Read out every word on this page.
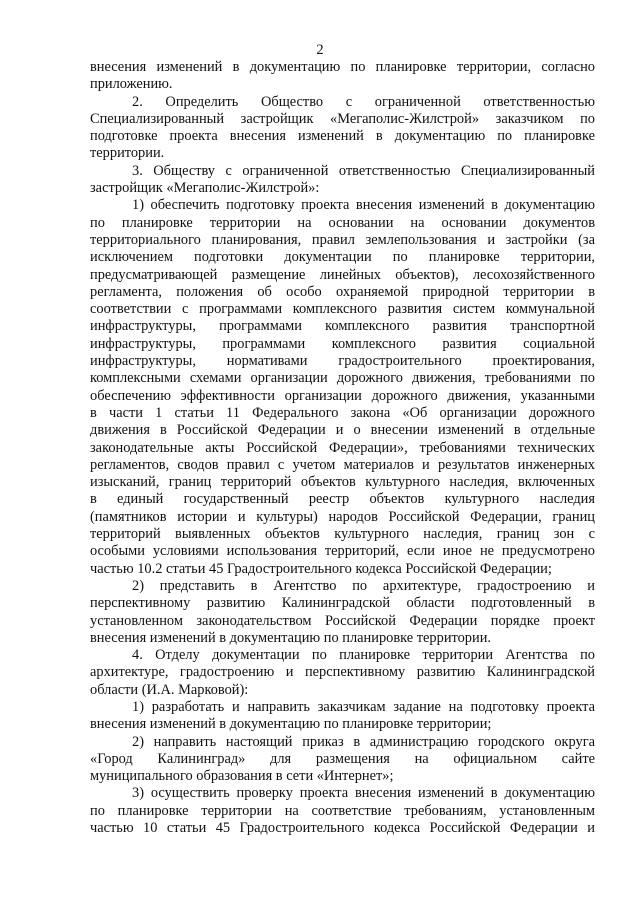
2
внесения изменений в документацию по планировке территории, согласно
приложению.
2. Определить Общество с ограниченной ответственностью
Специализированный застройщик «Мегаполис-Жилстрой» заказчиком по
подготовке проекта внесения изменений в документацию по планировке
территории.
3. Обществу с ограниченной ответственностью Специализированный
застройщик «Мегаполис-Жилстрой»:
1) обеспечить подготовку проекта внесения изменений в документацию
по планировке территории на основании на основании документов
территориального планирования, правил землепользования и застройки (за
исключением подготовки документации по планировке территории,
предусматривающей размещение линейных объектов), лесохозяйственного
регламента, положения об особо охраняемой природной территории в
соответствии с программами комплексного развития систем коммунальной
инфраструктуры, программами комплексного развития транспортной
инфраструктуры, программами комплексного развития социальной
инфраструктуры, нормативами градостроительного проектирования,
комплексными схемами организации дорожного движения, требованиями по
обеспечению эффективности организации дорожного движения, указанными
в части 1 статьи 11 Федерального закона «Об организации дорожного
движения в Российской Федерации и о внесении изменений в отдельные
законодательные акты Российской Федерации», требованиями технических
регламентов, сводов правил с учетом материалов и результатов инженерных
изысканий, границ территорий объектов культурного наследия, включенных
в единый государственный реестр объектов культурного наследия
(памятников истории и культуры) народов Российской Федерации, границ
территорий выявленных объектов культурного наследия, границ зон с
особыми условиями использования территорий, если иное не предусмотрено
частью 10.2 статьи 45 Градостроительного кодекса Российской Федерации;
2) представить в Агентство по архитектуре, градостроению и
перспективному развитию Калининградской области подготовленный в
установленном законодательством Российской Федерации порядке проект
внесения изменений в документацию по планировке территории.
4. Отделу документации по планировке территории Агентства по
архитектуре, градостроению и перспективному развитию Калининградской
области (И.А. Марковой):
1) разработать и направить заказчикам задание на подготовку проекта
внесения изменений в документацию по планировке территории;
2) направить настоящий приказ в администрацию городского округа
«Город Калининград» для размещения на официальном сайте
муниципального образования в сети «Интернет»;
3) осуществить проверку проекта внесения изменений в документацию
по планировке территории на соответствие требованиям, установленным
частью 10 статьи 45 Градостроительного кодекса Российской Федерации и
